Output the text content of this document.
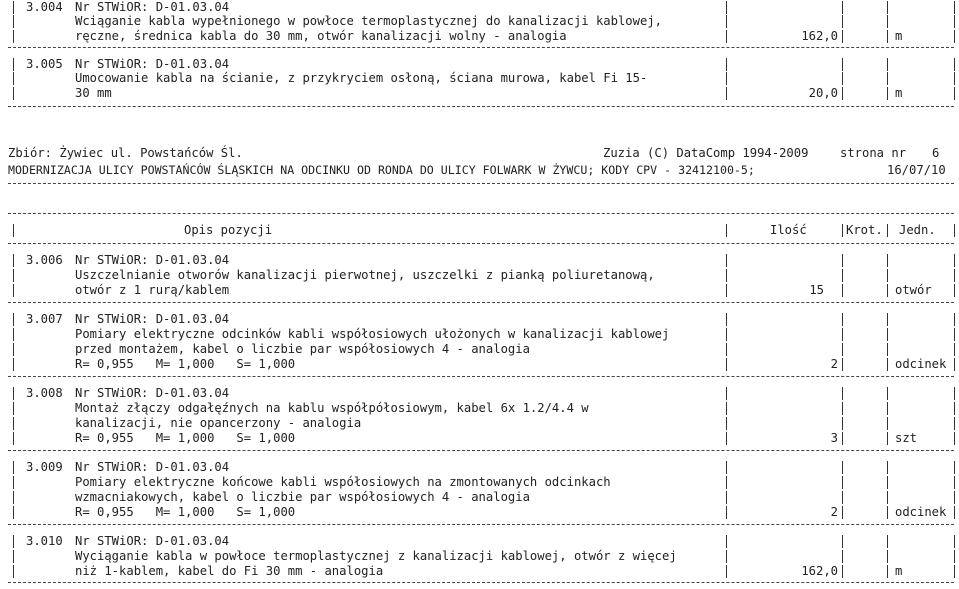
3.004 Nr STWiOR: D-01.03.04
Wciąganie kabla wypełnionego w powłoce termoplastycznej do kanalizacji kablowej,
ręczne, średnica kabla do 30 mm, otwór kanalizacji wolny - analogia	162,0	m
3.005 Nr STWiOR: D-01.03.04
Umocowanie kabla na ścianie, z przykryciem osłoną, ściana murowa, kabel Fi 15-
30 mm	20,0	m
Zbiór: Żywiec ul. Powstańców Śl.	Zuzia (C) DataComp 1994-2009	strona nr 6
MODERNIZACJA ULICY POWSTAŃCÓW ŚLĄSKICH NA ODCINKU OD RONDA DO ULICY FOLWARK W ŻYWCU; KODY CPV - 32412100-5;	16/07/10
Opis pozycji	Ilość	Krot. Jedn.
3.006 Nr STWiOR: D-01.03.04
Uszczelnianie otworów kanalizacji pierwotnej, uszczelki z pianką poliuretanową,
otwór z 1 rurą/kablem	15	otwór
3.007 Nr STWiOR: D-01.03.04
Pomiary elektryczne odcinków kabli współosiowych ułożonych w kanalizacji kablowej
przed montażem, kabel o liczbie par współosiowych 4 - analogia
R= 0,955   M= 1,000   S= 1,000	2	odcinek
3.008 Nr STWiOR: D-01.03.04
Montaż złączy odgałęźnych na kablu współpółosiowym, kabel 6x 1.2/4.4 w
kanalizacji, nie opancerzony - analogia
R= 0,955   M= 1,000   S= 1,000	3	szt
3.009 Nr STWiOR: D-01.03.04
Pomiary elektryczne końcowe kabli współosiowych na zmontowanych odcinkach
wzmacniakowych, kabel o liczbie par współosiowych 4 - analogia
R= 0,955   M= 1,000   S= 1,000	2	odcinek
3.010 Nr STWiOR: D-01.03.04
Wyciąganie kabla w powłoce termoplastycznej z kanalizacji kablowej, otwór z więcej
niż 1-kablem, kabel do Fi 30 mm - analogia	162,0	m
